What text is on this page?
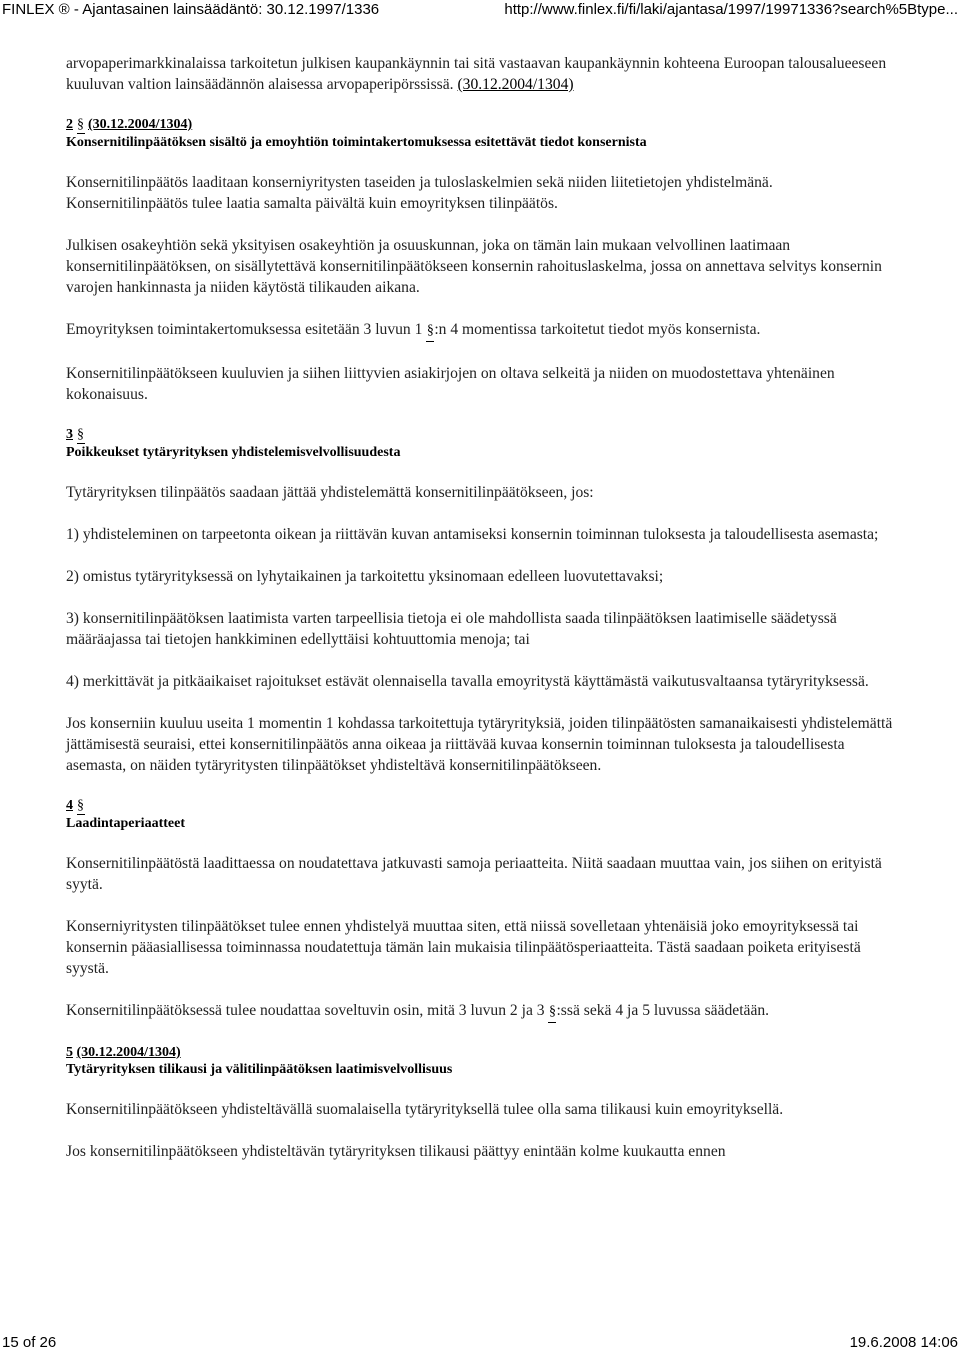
FINLEX ® - Ajantasainen lainsäädäntö: 30.12.1997/1336	http://www.finlex.fi/fi/laki/ajantasa/1997/19971336?search%5Btype...

arvopaperimarkkinalaissa tarkoitetun julkisen kaupankäynnin tai sitä vastaavan kaupankäynnin kohteena Euroopan talousalueeseen kuuluvan valtion lainsäädännön alaisessa arvopaperipörssissä. (30.12.2004/1304)

2 § (30.12.2004/1304)
Konsernitilinpäätöksen sisältö ja emoyhtiön toimintakertomuksessa esitettävät tiedot konsernista

Konsernitilinpäätös laaditaan konserniyritysten taseiden ja tuloslaskelmien sekä niiden liitetietojen yhdistelmänä. Konsernitilinpäätös tulee laatia samalta päivältä kuin emoyrityksen tilinpäätös.

Julkisen osakeyhtiön sekä yksityisen osakeyhtiön ja osuuskunnan, joka on tämän lain mukaan velvollinen laatimaan konsernitilinpäätöksen, on sisällytettävä konsernitilinpäätökseen konsernin rahoituslaskelma, jossa on annettava selvitys konsernin varojen hankinnasta ja niiden käytöstä tilikauden aikana.

Emoyrityksen toimintakertomuksessa esitetään 3 luvun 1 §:n 4 momentissa tarkoitetut tiedot myös konsernista.

Konsernitilinpäätökseen kuuluvien ja siihen liittyvien asiakirjojen on oltava selkeitä ja niiden on muodostettava yhtenäinen kokonaisuus.

3 §
Poikkeukset tytäryrityksen yhdistelemisvelvollisuudesta

Tytäryrityksen tilinpäätös saadaan jättää yhdistelemättä konsernitilinpäätökseen, jos:

1) yhdisteleminen on tarpeetonta oikean ja riittävän kuvan antamiseksi konsernin toiminnan tuloksesta ja taloudellisesta asemasta;

2) omistus tytäryrityksessä on lyhytaikainen ja tarkoitettu yksinomaan edelleen luovutettavaksi;

3) konsernitilinpäätöksen laatimista varten tarpeellisia tietoja ei ole mahdollista saada tilinpäätöksen laatimiselle säädetyssä määräajassa tai tietojen hankkiminen edellyttäisi kohtuuttomia menoja; tai

4) merkittävät ja pitkäaikaiset rajoitukset estävät olennaisella tavalla emoyritystä käyttämästä vaikutusvaltaansa tytäryrityksessä.

Jos konserniin kuuluu useita 1 momentin 1 kohdassa tarkoitettuja tytäryrityksiä, joiden tilinpäätösten samanaikaisesti yhdistelemättä jättämisestä seuraisi, ettei konsernitilinpäätös anna oikeaa ja riittävää kuvaa konsernin toiminnan tuloksesta ja taloudellisesta asemasta, on näiden tytäryritysten tilinpäätökset yhdisteltävä konsernitilinpäätökseen.

4 §
Laadintaperiaatteet

Konsernitilinpäätöstä laadittaessa on noudatettava jatkuvasti samoja periaatteita. Niitä saadaan muuttaa vain, jos siihen on erityistä syytä.

Konserniyritysten tilinpäätökset tulee ennen yhdistelyä muuttaa siten, että niissä sovelletaan yhtenäisiä joko emoyrityksessä tai konsernin pääasiallisessa toiminnassa noudatettuja tämän lain mukaisia tilinpäätösperiaatteita. Tästä saadaan poiketa erityisestä syystä.

Konsernitilinpäätöksessä tulee noudattaa soveltuvin osin, mitä 3 luvun 2 ja 3 §:ssä sekä 4 ja 5 luvussa säädetään.

5 (30.12.2004/1304)
Tytäryrityksen tilikausi ja välitilinpäätöksen laatimisvelvollisuus

Konsernitilinpäätökseen yhdisteltävällä suomalaisella tytäryrityksellä tulee olla sama tilikausi kuin emoyrityksellä.

Jos konsernitilinpäätökseen yhdisteltävän tytäryrityksen tilikausi päättyy enintään kolme kuukautta ennen

15 of 26	19.6.2008 14:06
